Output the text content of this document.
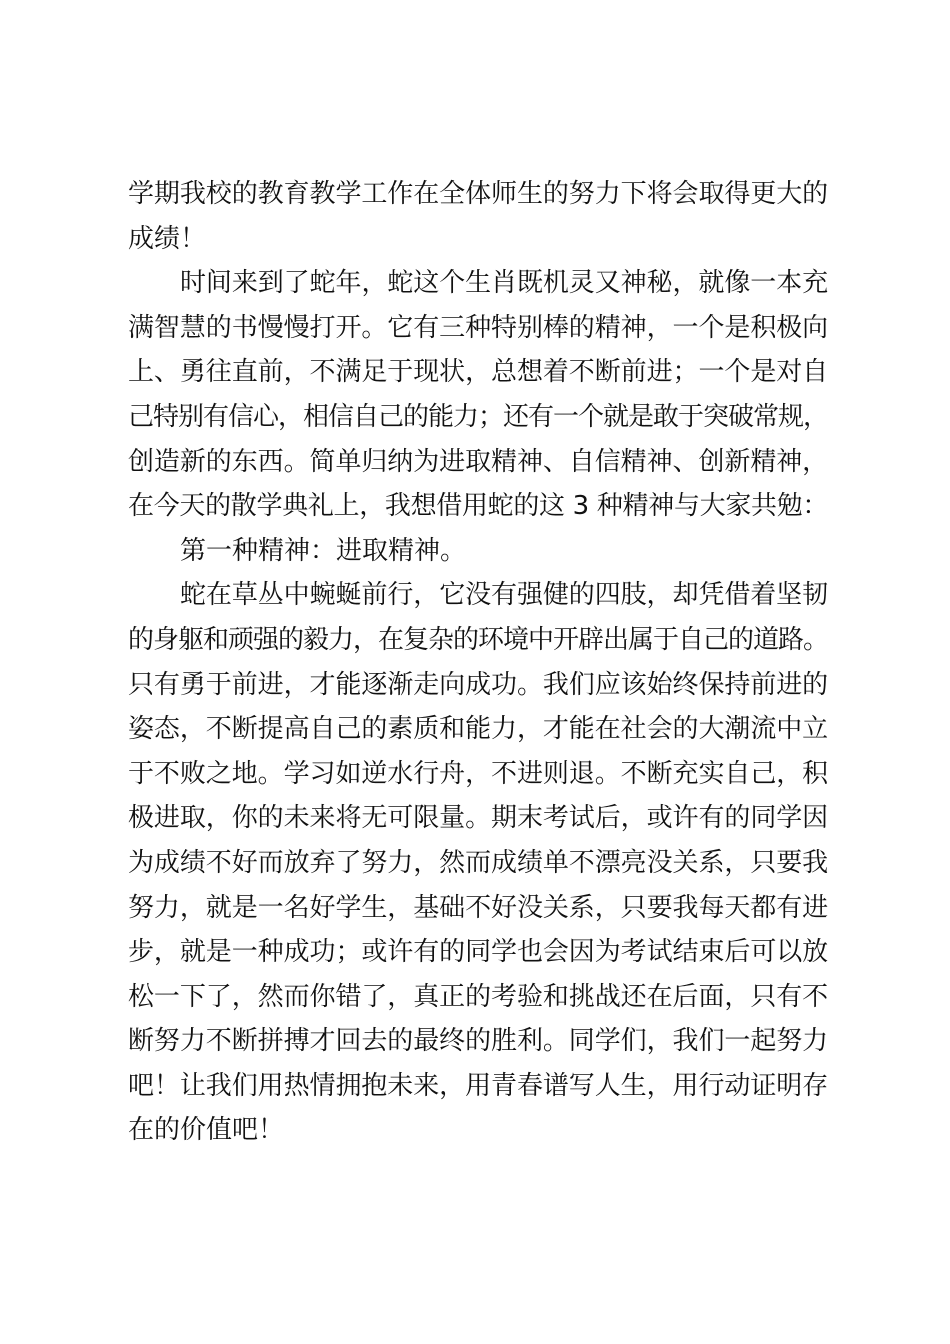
学期我校的教育教学工作在全体师生的努力下将会取得更大的
成绩！
时间来到了蛇年，蛇这个生肖既机灵又神秘，就像一本充
满智慧的书慢慢打开。它有三种特别棒的精神，一个是积极向
上、勇往直前，不满足于现状，总想着不断前进；一个是对自
己特别有信心，相信自己的能力；还有一个就是敢于突破常规，
创造新的东西。简单归纳为进取精神、自信精神、创新精神，
在今天的散学典礼上，我想借用蛇的这 3 种精神与大家共勉：
第一种精神：进取精神。
蛇在草丛中蜿蜒前行，它没有强健的四肢，却凭借着坚韧
的身躯和顽强的毅力，在复杂的环境中开辟出属于自己的道路。
只有勇于前进，才能逐渐走向成功。我们应该始终保持前进的
姿态，不断提高自己的素质和能力，才能在社会的大潮流中立
于不败之地。学习如逆水行舟，不进则退。不断充实自己，积
极进取，你的未来将无可限量。期末考试后，或许有的同学因
为成绩不好而放弃了努力，然而成绩单不漂亮没关系，只要我
努力，就是一名好学生，基础不好没关系，只要我每天都有进
步，就是一种成功；或许有的同学也会因为考试结束后可以放
松一下了，然而你错了，真正的考验和挑战还在后面，只有不
断努力不断拼搏才回去的最终的胜利。同学们，我们一起努力
吧！让我们用热情拥抱未来，用青春谱写人生，用行动证明存
在的价值吧！
